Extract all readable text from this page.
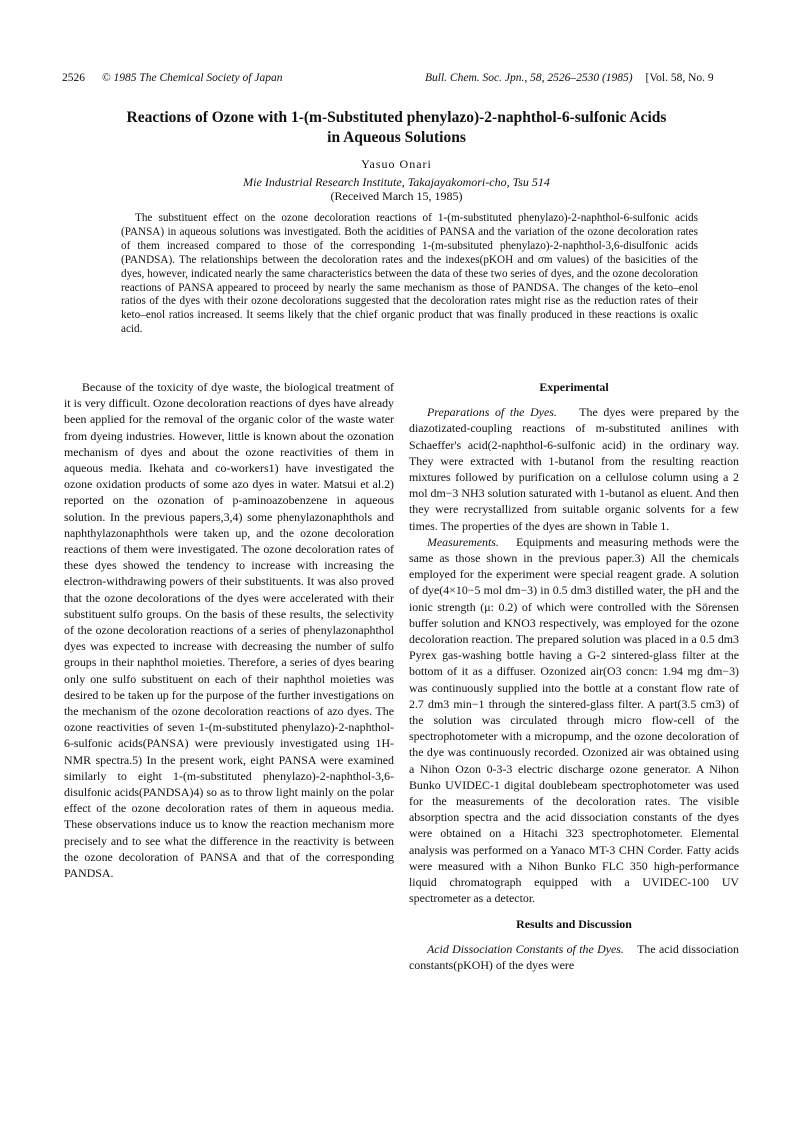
2526 © 1985 The Chemical Society of Japan	Bull. Chem. Soc. Jpn., 58, 2526–2530 (1985) [Vol. 58, No. 9
Reactions of Ozone with 1-(m-Substituted phenylazo)-2-naphthol-6-sulfonic Acids in Aqueous Solutions
Yasuo Onari
Mie Industrial Research Institute, Takajayakomori-cho, Tsu 514
(Received March 15, 1985)
The substituent effect on the ozone decoloration reactions of 1-(m-substituted phenylazo)-2-naphthol-6-sulfonic acids (PANSA) in aqueous solutions was investigated. Both the acidities of PANSA and the variation of the ozone decoloration rates of them increased compared to those of the corresponding 1-(m-subsituted phenylazo)-2-naphthol-3,6-disulfonic acids (PANDSA). The relationships between the decoloration rates and the indexes(pKOH and σm values) of the basicities of the dyes, however, indicated nearly the same characteristics between the data of these two series of dyes, and the ozone decoloration reactions of PANSA appeared to proceed by nearly the same mechanism as those of PANDSA. The changes of the keto–enol ratios of the dyes with their ozone decolorations suggested that the decoloration rates might rise as the reduction rates of their keto–enol ratios increased. It seems likely that the chief organic product that was finally produced in these reactions is oxalic acid.

Because of the toxicity of dye waste, the biological treatment of it is very difficult. Ozone decoloration reactions of dyes have already been applied for the removal of the organic color of the waste water from dyeing industries. However, little is known about the ozonation mechanism of dyes and about the ozone reactivities of them in aqueous media. Ikehata and co-workers1) have investigated the ozone oxidation products of some azo dyes in water. Matsui et al.2) reported on the ozonation of p-aminoazobenzene in aqueous solution. In the previous papers,3,4) some phenylazonaphthols and naphthylazonaphthols were taken up, and the ozone decoloration reactions of them were investigated. The ozone decoloration rates of these dyes showed the tendency to increase with increasing the electron-withdrawing powers of their substituents. It was also proved that the ozone decolorations of the dyes were accelerated with their substituent sulfo groups. On the basis of these results, the selectivity of the ozone decoloration reactions of a series of phenylazonaphthol dyes was expected to increase with decreasing the number of sulfo groups in their naphthol moieties. Therefore, a series of dyes bearing only one sulfo substituent on each of their naphthol moieties was desired to be taken up for the purpose of the further investigations on the mechanism of the ozone decoloration reactions of azo dyes. The ozone reactivities of seven 1-(m-substituted phenylazo)-2-naphthol-6-sulfonic acids(PANSA) were previously investigated using 1H-NMR spectra.5) In the present work, eight PANSA were examined similarly to eight 1-(m-substituted phenylazo)-2-naphthol-3,6-disulfonic acids(PANDSA)4) so as to throw light mainly on the polar effect of the ozone decoloration rates of them in aqueous media. These observations induce us to know the reaction mechanism more precisely and to see what the difference in the reactivity is between the ozone decoloration of PANSA and that of the corresponding PANDSA.

Experimental

Preparations of the Dyes. The dyes were prepared by the diazotizated-coupling reactions of m-substituted anilines with Schaeffer's acid(2-naphthol-6-sulfonic acid) in the ordinary way. They were extracted with 1-butanol from the resulting reaction mixtures followed by purification on a cellulose column using a 2 mol dm−3 NH3 solution saturated with 1-butanol as eluent. And then they were recrystallized from suitable organic solvents for a few times. The properties of the dyes are shown in Table 1.

Measurements. Equipments and measuring methods were the same as those shown in the previous paper.3) All the chemicals employed for the experiment were special reagent grade. A solution of dye(4×10−5 mol dm−3) in 0.5 dm3 distilled water, the pH and the ionic strength (μ: 0.2) of which were controlled with the Sörensen buffer solution and KNO3 respectively, was employed for the ozone decoloration reaction. The prepared solution was placed in a 0.5 dm3 Pyrex gas-washing bottle having a G-2 sintered-glass filter at the bottom of it as a diffuser. Ozonized air(O3 concn: 1.94 mg dm−3) was continuously supplied into the bottle at a constant flow rate of 2.7 dm3 min−1 through the sintered-glass filter. A part(3.5 cm3) of the solution was circulated through micro flow-cell of the spectrophotometer with a micropump, and the ozone decoloration of the dye was continuously recorded. Ozonized air was obtained using a Nihon Ozon 0-3-3 electric discharge ozone generator. A Nihon Bunko UVIDEC-1 digital doublebeam spectrophotometer was used for the measurements of the decoloration rates. The visible absorption spectra and the acid dissociation constants of the dyes were obtained on a Hitachi 323 spectrophotometer. Elemental analysis was performed on a Yanaco MT-3 CHN Corder. Fatty acids were measured with a Nihon Bunko FLC 350 high-performance liquid chromatograph equipped with a UVIDEC-100 UV spectrometer as a detector.

Results and Discussion

Acid Dissociation Constants of the Dyes. The acid dissociation constants(pKOH) of the dyes were
